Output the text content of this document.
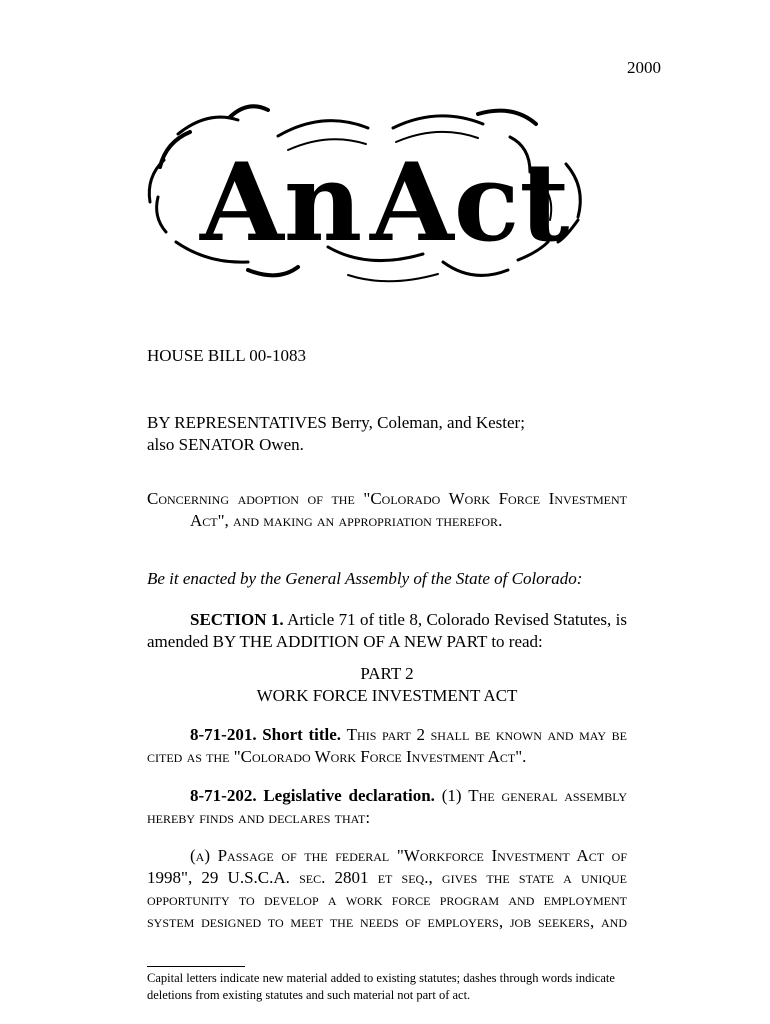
2000
An Act
HOUSE BILL 00-1083
BY REPRESENTATIVES Berry, Coleman, and Kester;
also SENATOR Owen.
Concerning adoption of the "Colorado Work Force Investment
Act", and making an appropriation therefor.
Be it enacted by the General Assembly of the State of Colorado:
SECTION 1. Article 71 of title 8, Colorado Revised Statutes, is
amended BY THE ADDITION OF A NEW PART to read:
PART 2
WORK FORCE INVESTMENT ACT
8-71-201. Short title. This part 2 shall be known and may be
cited as the "Colorado Work Force Investment Act".
8-71-202. Legislative declaration. (1) The general assembly
hereby finds and declares that:
(a) Passage of the federal "Workforce Investment Act of
1998", 29 U.S.C.A. sec. 2801 et seq., gives the state a unique
opportunity to develop a work force program and employment
system designed to meet the needs of employers, job seekers, and
Capital letters indicate new material added to existing statutes; dashes through words indicate
deletions from existing statutes and such material not part of act.
